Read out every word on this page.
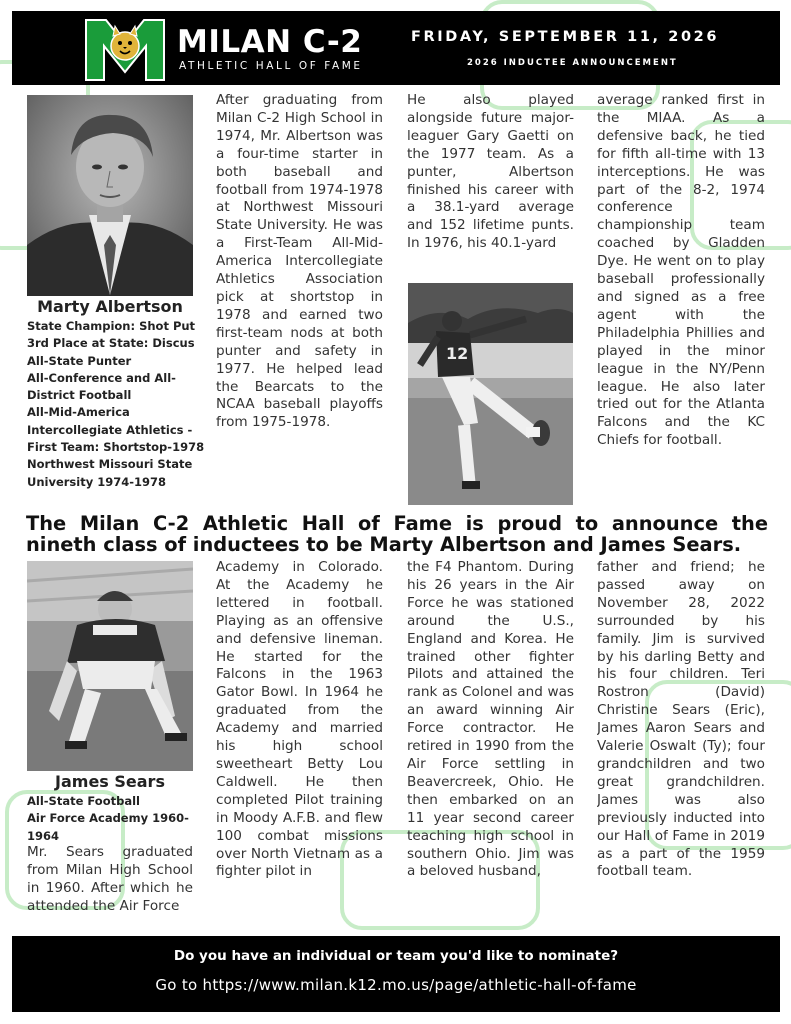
MILAN C-2
ATHLETIC HALL OF FAME
FRIDAY, SEPTEMBER 11, 2026
2026 INDUCTEE ANNOUNCEMENT
Marty Albertson
State Champion: Shot Put
3rd Place at State: Discus
All-State Punter
All-Conference and All-District Football
All-Mid-America Intercollegiate Athletics - First Team: Shortstop-1978
Northwest Missouri State University 1974-1978
After graduating from Milan C-2 High School in 1974, Mr. Albertson was a four-time starter in both baseball and football from 1974-1978 at Northwest Missouri State University. He was a First-Team All-Mid-America Intercollegiate Athletics Association pick at shortstop in 1978 and earned two first-team nods at both punter and safety in 1977. He helped lead the Bearcats to the NCAA baseball playoffs from 1975-1978.
He also played alongside future major-leaguer Gary Gaetti on the 1977 team. As a punter, Albertson finished his career with a 38.1-yard average and 152 lifetime punts. In 1976, his 40.1-yard
12
average ranked first in the MIAA. As a defensive back, he tied for fifth all-time with 13 interceptions. He was part of the 8-2, 1974 conference championship team coached by Gladden Dye. He went on to play baseball professionally and signed as a free agent with the Philadelphia Phillies and played in the minor league in the NY/Penn league. He also later tried out for the Atlanta Falcons and the KC Chiefs for football.
The Milan C-2 Athletic Hall of Fame is proud to announce the nineth class of inductees to be Marty Albertson and James Sears.
James Sears
All-State Football
Air Force Academy 1960-1964
Mr. Sears graduated from Milan High School in 1960. After which he attended the Air Force
Academy in Colorado. At the Academy he lettered in football. Playing as an offensive and defensive lineman. He started for the Falcons in the 1963 Gator Bowl. In 1964 he graduated from the Academy and married his high school sweetheart Betty Lou Caldwell. He then completed Pilot training in Moody A.F.B. and flew 100 combat missions over North Vietnam as a fighter pilot in
the F4 Phantom. During his 26 years in the Air Force he was stationed around the U.S., England and Korea. He trained other fighter Pilots and attained the rank as Colonel and was an award winning Air Force contractor. He retired in 1990 from the Air Force settling in Beavercreek, Ohio. He then embarked on an 11 year second career teaching high school in southern Ohio. Jim was a beloved husband,
father and friend; he passed away on November 28, 2022 surrounded by his family. Jim is survived by his darling Betty and his four children. Teri Rostron (David) Christine Sears (Eric), James Aaron Sears and Valerie Oswalt (Ty); four grandchildren and two great grandchildren. James was also previously inducted into our Hall of Fame in 2019 as a part of the 1959 football team.
Do you have an individual or team you'd like to nominate?
Go to https://www.milan.k12.mo.us/page/athletic-hall-of-fame
